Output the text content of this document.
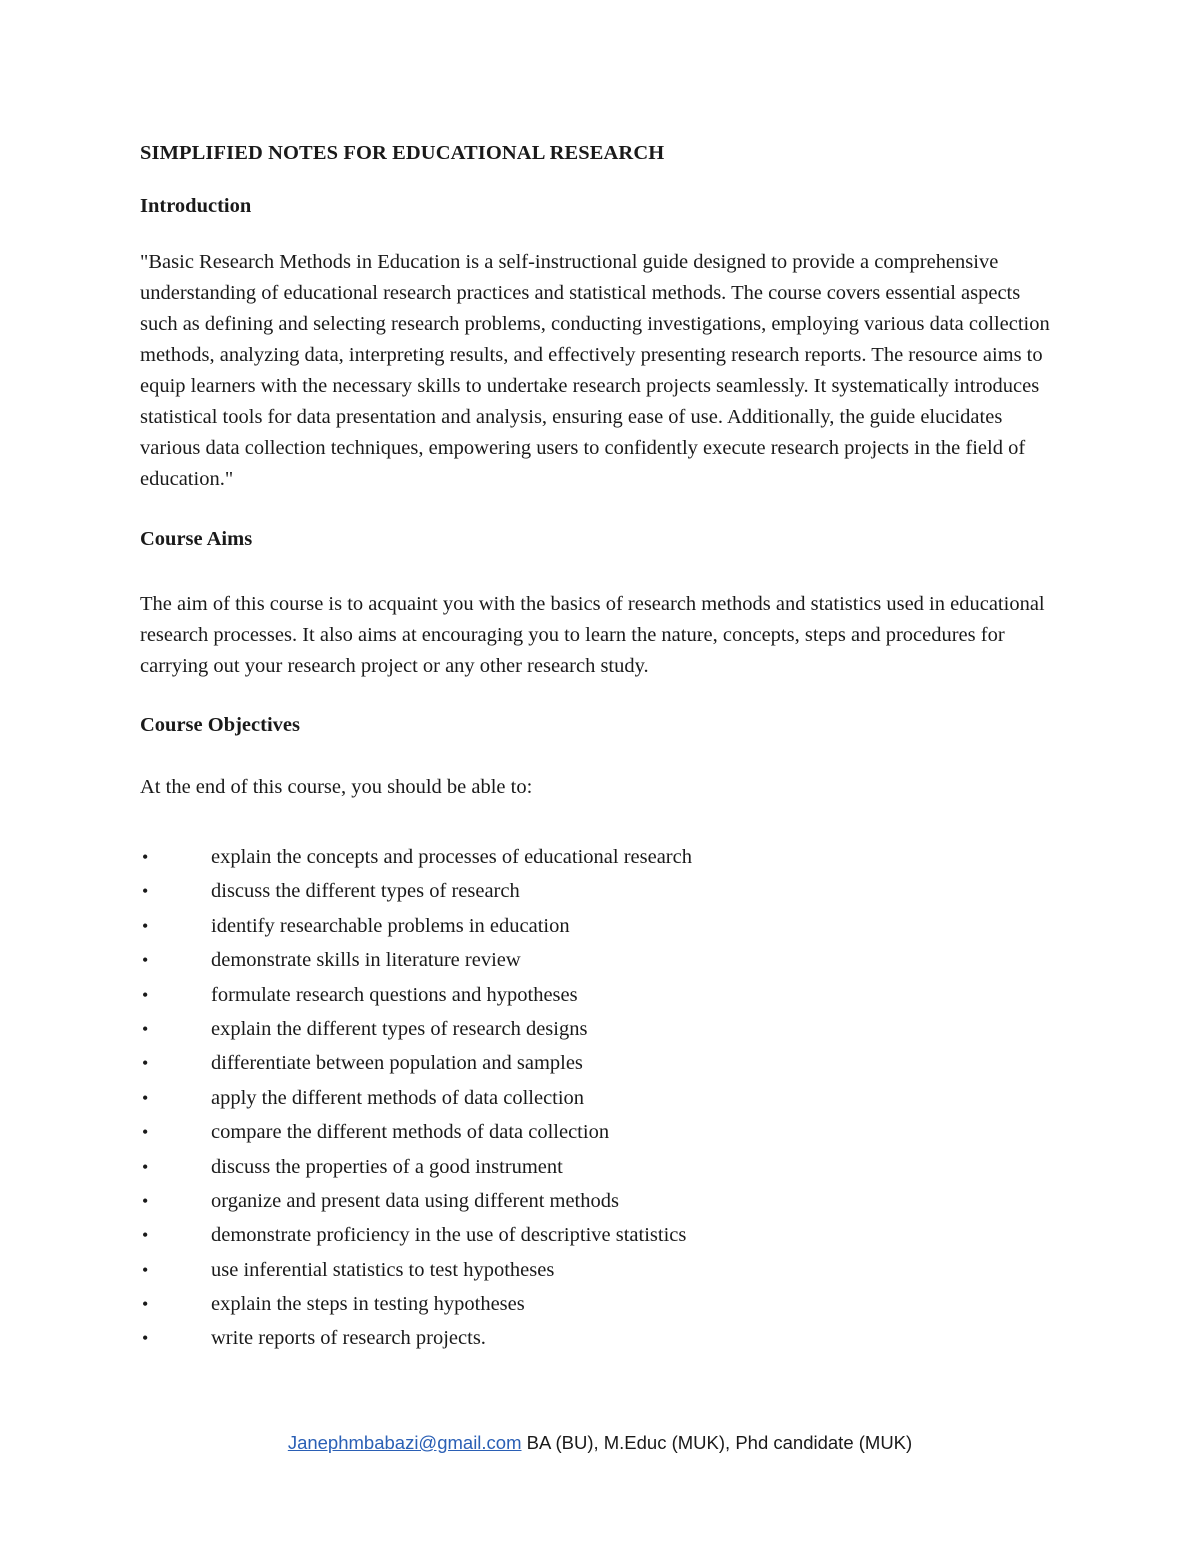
SIMPLIFIED NOTES FOR EDUCATIONAL RESEARCH
Introduction

"Basic Research Methods in Education is a self-instructional guide designed to provide a comprehensive understanding of educational research practices and statistical methods. The course covers essential aspects such as defining and selecting research problems, conducting investigations, employing various data collection methods, analyzing data, interpreting results, and effectively presenting research reports. The resource aims to equip learners with the necessary skills to undertake research projects seamlessly. It systematically introduces statistical tools for data presentation and analysis, ensuring ease of use. Additionally, the guide elucidates various data collection techniques, empowering users to confidently execute research projects in the field of education."

Course Aims

The aim of this course is to acquaint you with the basics of research methods and statistics used in educational research processes. It also aims at encouraging you to learn the nature, concepts, steps and procedures for carrying out your research project or any other research study.

Course Objectives

At the end of this course, you should be able to:

•	explain the concepts and processes of educational research
•	discuss the different types of research
•	identify researchable problems in education
•	demonstrate skills in literature review
•	formulate research questions and hypotheses
•	explain the different types of research designs
•	differentiate between population and samples
•	apply the different methods of data collection
•	compare the different methods of data collection
•	discuss the properties of a good instrument
•	organize and present data using different methods
•	demonstrate proficiency in the use of descriptive statistics
•	use inferential statistics to test hypotheses
•	explain the steps in testing hypotheses
•	write reports of research projects.
Janephmbabazi@gmail.com BA (BU), M.Educ (MUK), Phd candidate (MUK)
